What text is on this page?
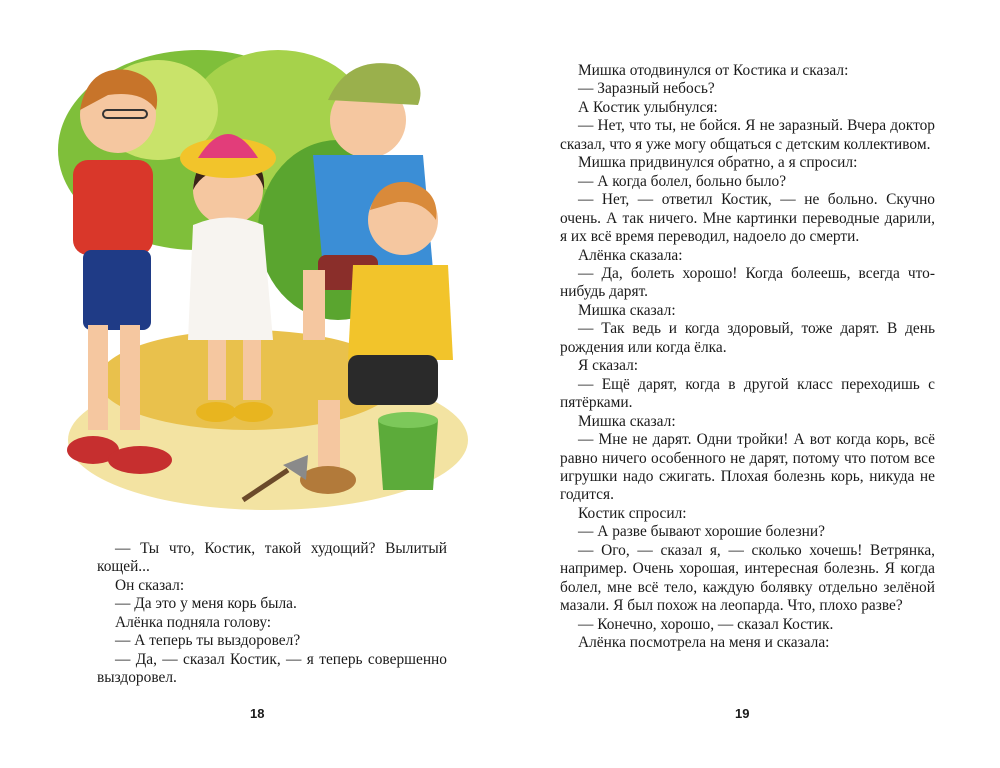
— Ты что, Костик, такой худощий? Вылитый кощей...

Он сказал:

— Да это у меня корь была.

Алёнка подняла голову:

— А теперь ты выздоровел?

— Да, — сказал Костик, — я теперь совершенно выздоровел.

18

Мишка отодвинулся от Костика и сказал:

— Заразный небось?

А Костик улыбнулся:

— Нет, что ты, не бойся. Я не заразный. Вчера доктор сказал, что я уже могу общаться с детским коллективом.

Мишка придвинулся обратно, а я спросил:

— А когда болел, больно было?

— Нет, — ответил Костик, — не больно. Скучно очень. А так ничего. Мне картинки переводные дарили, я их всё время переводил, надоело до смерти.

Алёнка сказала:

— Да, болеть хорошо! Когда болеешь, всегда что-нибудь дарят.

Мишка сказал:

— Так ведь и когда здоровый, тоже дарят. В день рождения или когда ёлка.

Я сказал:

— Ещё дарят, когда в другой класс переходишь с пятёрками.

Мишка сказал:

— Мне не дарят. Одни тройки! А вот когда корь, всё равно ничего особенного не дарят, потому что потом все игрушки надо сжигать. Плохая болезнь корь, никуда не годится.

Костик спросил:

— А разве бывают хорошие болезни?

— Ого, — сказал я, — сколько хочешь! Ветрянка, например. Очень хорошая, интересная болезнь. Я когда болел, мне всё тело, каждую болявку отдельно зелёной мазали. Я был похож на леопарда. Что, плохо разве?

— Конечно, хорошо, — сказал Костик.

Алёнка посмотрела на меня и сказала:

19
